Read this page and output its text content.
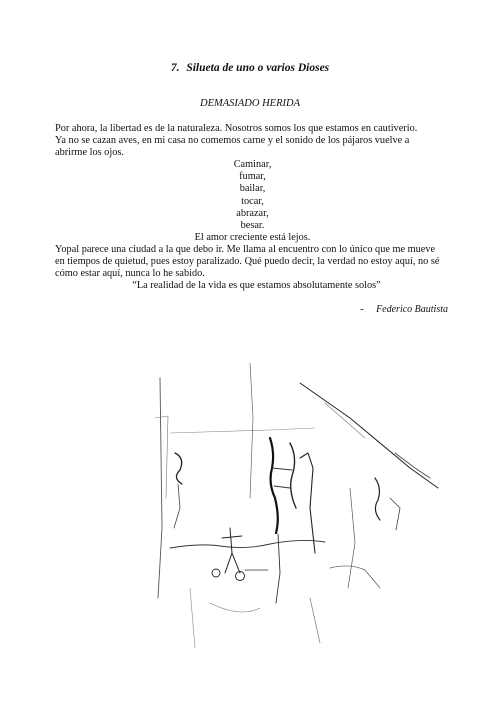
7. Silueta de uno o varios Dioses
DEMASIADO HERIDA

Por ahora, la libertad es de la naturaleza. Nosotros somos los que estamos en cautiverio.

Ya no se cazan aves, en mi casa no comemos carne y el sonido de los pájaros vuelve a

abrirme los ojos.

Caminar,

fumar,

bailar,

tocar,

abrazar,

besar.

El amor creciente está lejos.

Yopal parece una ciudad a la que debo ir. Me llama al encuentro con lo único que me mueve

en tiempos de quietud, pues estoy paralizado. Qué puedo decir, la verdad no estoy aquí, no sé

cómo estar aquí, nunca lo he sabido.

“La realidad de la vida es que estamos absolutamente solos”

- Federico Bautista
